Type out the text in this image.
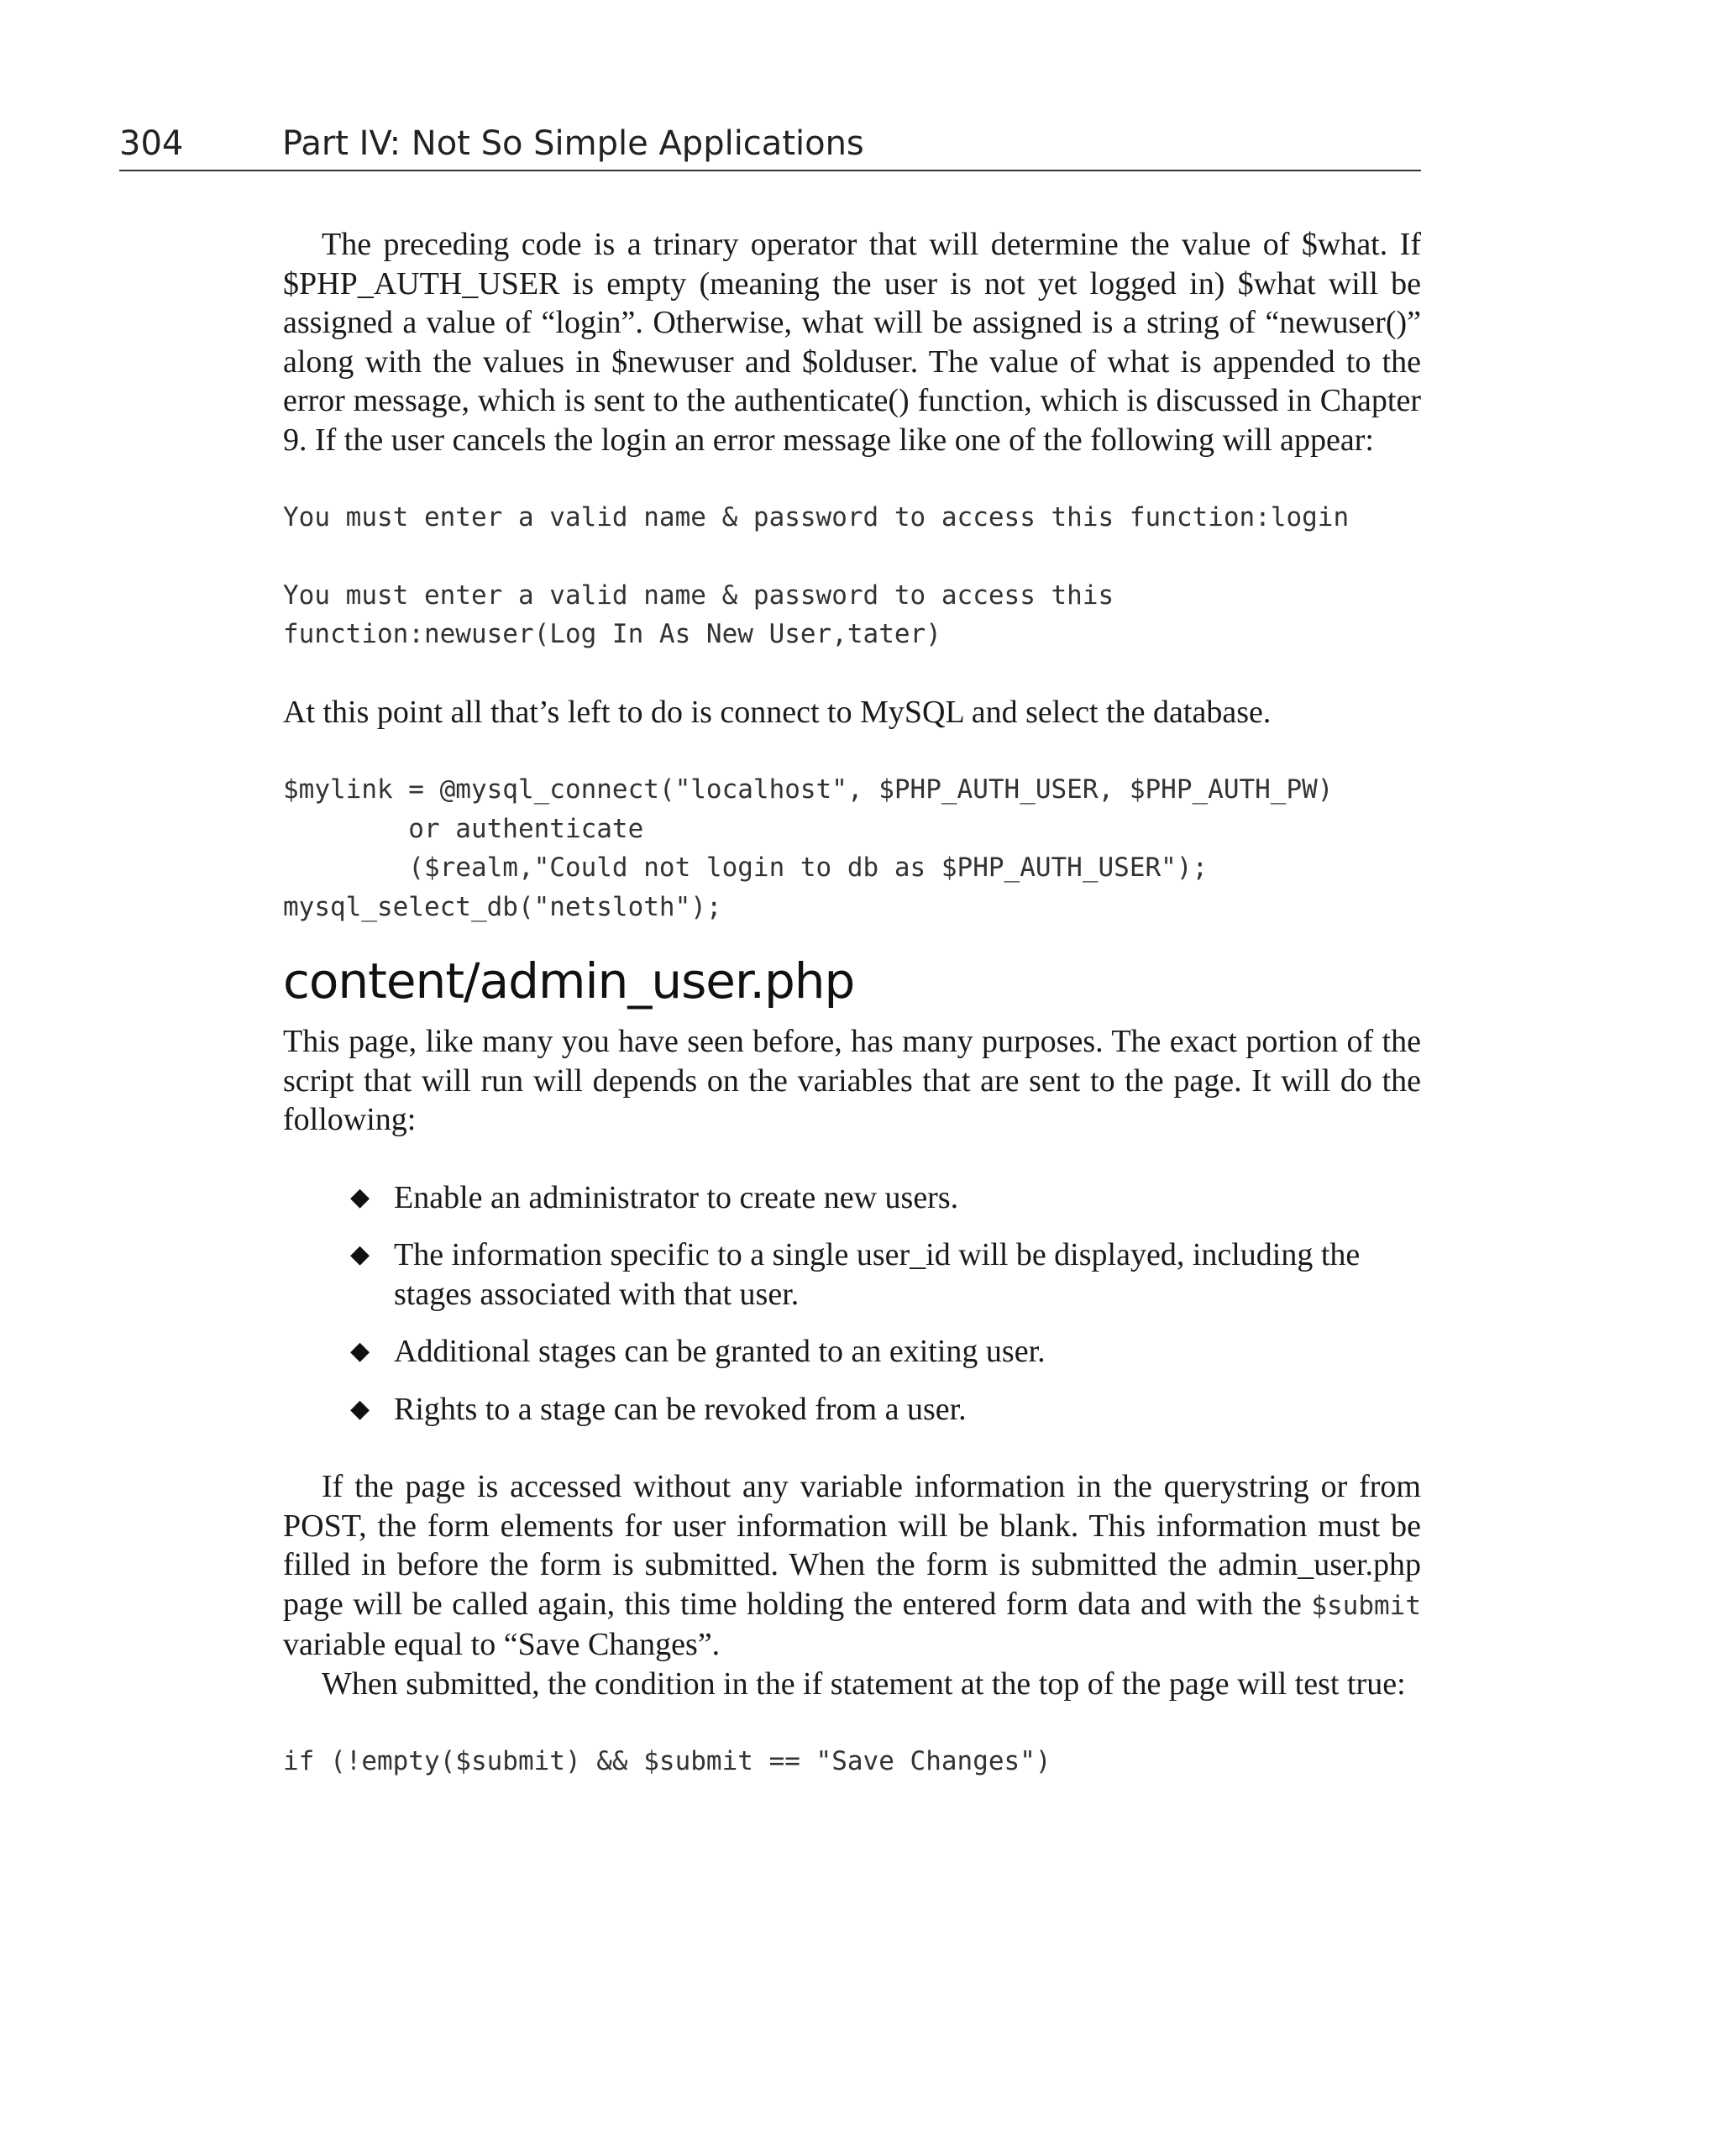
304	Part IV: Not So Simple Applications

The preceding code is a trinary operator that will determine the value of $what. If $PHP_AUTH_USER is empty (meaning the user is not yet logged in) $what will be assigned a value of “login”. Otherwise, what will be assigned is a string of “newuser()” along with the values in $newuser and $olduser. The value of what is appended to the error message, which is sent to the authenticate() function, which is discussed in Chapter 9. If the user cancels the login an error message like one of the following will appear:

You must enter a valid name & password to access this function:login
You must enter a valid name & password to access this
function:newuser(Log In As New User,tater)

At this point all that’s left to do is connect to MySQL and select the database.

$mylink = @mysql_connect("localhost", $PHP_AUTH_USER, $PHP_AUTH_PW)
or authenticate
($realm,"Could not login to db as $PHP_AUTH_USER");
mysql_select_db("netsloth");
content/admin_user.php

This page, like many you have seen before, has many purposes. The exact portion of the script that will run will depends on the variables that are sent to the page. It will do the following:

◆ Enable an administrator to create new users.
◆ The information specific to a single user_id will be displayed, including the stages associated with that user.
◆ Additional stages can be granted to an exiting user.
◆ Rights to a stage can be revoked from a user.

If the page is accessed without any variable information in the querystring or from POST, the form elements for user information will be blank. This information must be filled in before the form is submitted. When the form is submitted the admin_user.php page will be called again, this time holding the entered form data and with the $submit variable equal to “Save Changes”.

When submitted, the condition in the if statement at the top of the page will test true:

if (!empty($submit) && $submit == "Save Changes")
